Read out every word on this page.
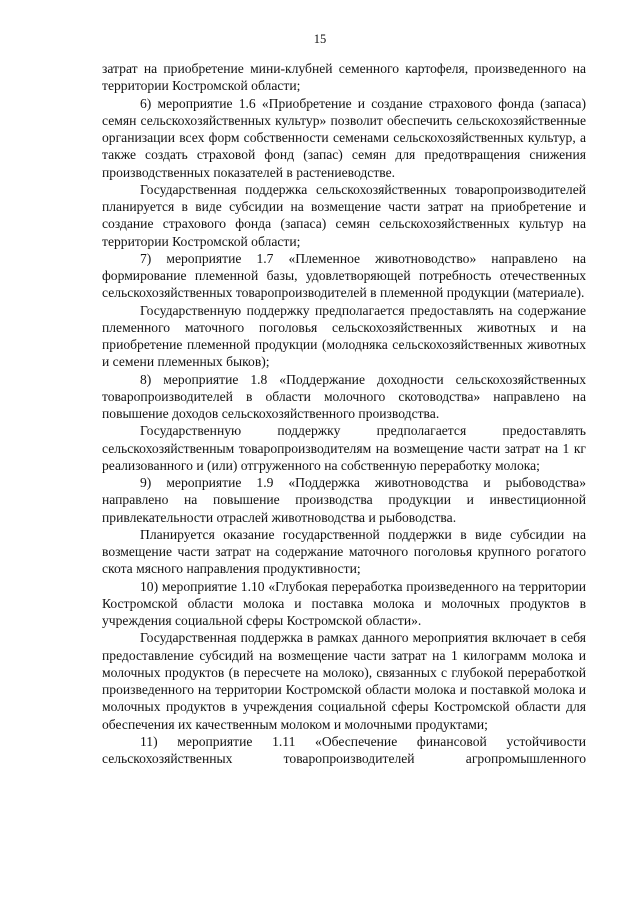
15

затрат на приобретение мини-клубней семенного картофеля, произведенного на территории Костромской области;

6) мероприятие 1.6 «Приобретение и создание страхового фонда (запаса) семян сельскохозяйственных культур» позволит обеспечить сельскохозяйственные организации всех форм собственности семенами сельскохозяйственных культур, а также создать страховой фонд (запас) семян для предотвращения снижения производственных показателей в растениеводстве.

Государственная поддержка сельскохозяйственных товаропроизводителей планируется в виде субсидии на возмещение части затрат на приобретение и создание страхового фонда (запаса) семян сельскохозяйственных культур на территории Костромской области;

7) мероприятие 1.7 «Племенное животноводство» направлено на формирование племенной базы, удовлетворяющей потребность отечественных сельскохозяйственных товаропроизводителей в племенной продукции (материале).

Государственную поддержку предполагается предоставлять на содержание племенного маточного поголовья сельскохозяйственных животных и на приобретение племенной продукции (молодняка сельскохозяйственных животных и семени племенных быков);

8) мероприятие 1.8 «Поддержание доходности сельскохозяйственных товаропроизводителей в области молочного скотоводства» направлено на повышение доходов сельскохозяйственного производства.

Государственную поддержку предполагается предоставлять сельскохозяйственным товаропроизводителям на возмещение части затрат на 1 кг реализованного и (или) отгруженного на собственную переработку молока;

9) мероприятие 1.9 «Поддержка животноводства и рыбоводства» направлено на повышение производства продукции и инвестиционной привлекательности отраслей животноводства и рыбоводства.

Планируется оказание государственной поддержки в виде субсидии на возмещение части затрат на содержание маточного поголовья крупного рогатого скота мясного направления продуктивности;

10) мероприятие 1.10 «Глубокая переработка произведенного на территории Костромской области молока и поставка молока и молочных продуктов в учреждения социальной сферы Костромской области».

Государственная поддержка в рамках данного мероприятия включает в себя предоставление субсидий на возмещение части затрат на 1 килограмм молока и молочных продуктов (в пересчете на молоко), связанных с глубокой переработкой произведенного на территории Костромской области молока и поставкой молока и молочных продуктов в учреждения социальной сферы Костромской области для обеспечения их качественным молоком и молочными продуктами;

11) мероприятие 1.11 «Обеспечение финансовой устойчивости сельскохозяйственных товаропроизводителей агропромышленного
